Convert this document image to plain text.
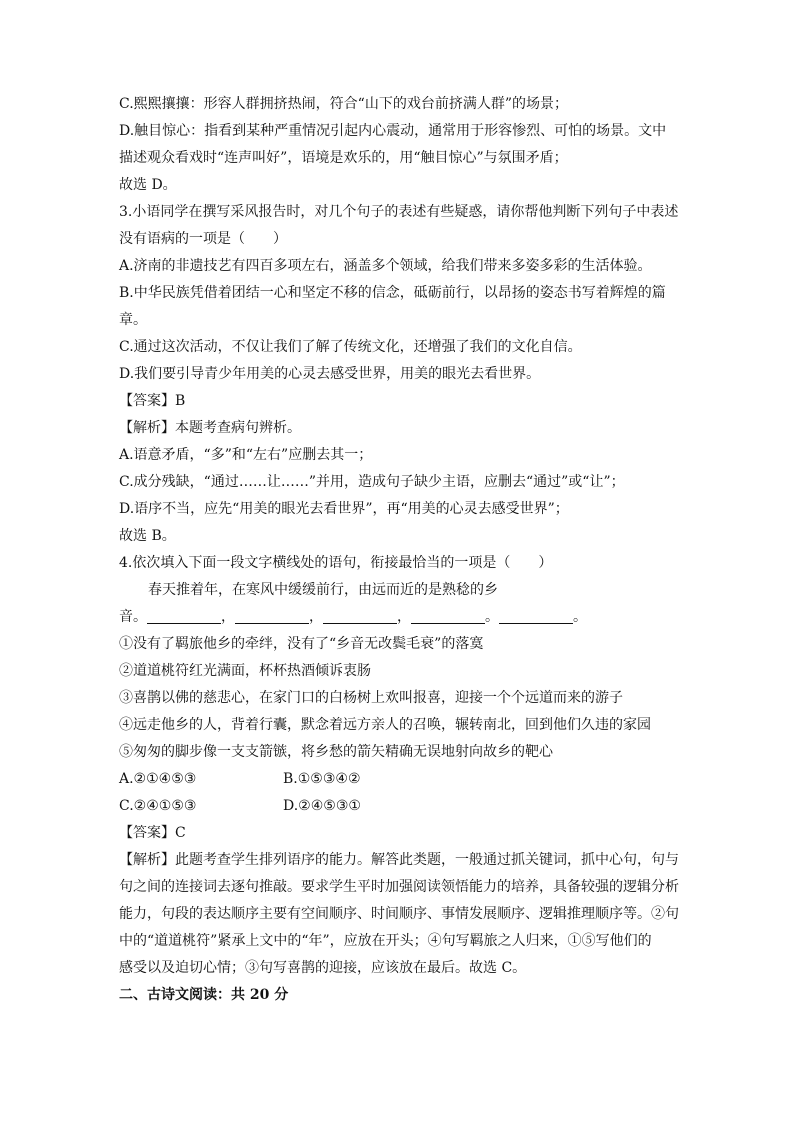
C.熙熙攘攘：形容人群拥挤热闹，符合“山下的戏台前挤满人群”的场景；
D.触目惊心：指看到某种严重情况引起内心震动，通常用于形容惨烈、可怕的场景。文中
描述观众看戏时“连声叫好”，语境是欢乐的，用“触目惊心”与氛围矛盾；
故选 D。
3.小语同学在撰写采风报告时，对几个句子的表述有些疑惑，请你帮他判断下列句子中表述
没有语病的一项是（　　）
A.济南的非遗技艺有四百多项左右，涵盖多个领域，给我们带来多姿多彩的生活体验。
B.中华民族凭借着团结一心和坚定不移的信念，砥砺前行，以昂扬的姿态书写着辉煌的篇
章。
C.通过这次活动，不仅让我们了解了传统文化，还增强了我们的文化自信。
D.我们要引导青少年用美的心灵去感受世界，用美的眼光去看世界。
【答案】B
【解析】本题考查病句辨析。
A.语意矛盾，“多”和“左右”应删去其一；
C.成分残缺，“通过……让……”并用，造成句子缺少主语，应删去“通过”或“让”；
D.语序不当，应先“用美的眼光去看世界”，再“用美的心灵去感受世界”；
故选 B。
4.依次填入下面一段文字横线处的语句，衔接最恰当的一项是（　　）
春天推着年，在寒风中缓缓前行，由远而近的是熟稔的乡
音。	，	，	，	。	。
①没有了羁旅他乡的牵绊，没有了“乡音无改鬓毛衰”的落寞
②道道桃符红光满面，杯杯热酒倾诉衷肠
③喜鹊以佛的慈悲心，在家门口的白杨树上欢叫报喜，迎接一个个远道而来的游子
④远走他乡的人，背着行囊，默念着远方亲人的召唤，辗转南北，回到他们久违的家园
⑤匆匆的脚步像一支支箭镞，将乡愁的箭矢精确无误地射向故乡的靶心
A.②①④⑤③	B.①⑤③④②
C.②④①⑤③	D.②④⑤③①
【答案】C
【解析】此题考查学生排列语序的能力。解答此类题，一般通过抓关键词，抓中心句，句与
句之间的连接词去逐句推敲。要求学生平时加强阅读领悟能力的培养，具备较强的逻辑分析
能力，句段的表达顺序主要有空间顺序、时间顺序、事情发展顺序、逻辑推理顺序等。②句
中的“道道桃符”紧承上文中的“年”，应放在开头；④句写羁旅之人归来，①⑤写他们的
感受以及迫切心情；③句写喜鹊的迎接，应该放在最后。故选 C。
二、古诗文阅读：共 20 分
